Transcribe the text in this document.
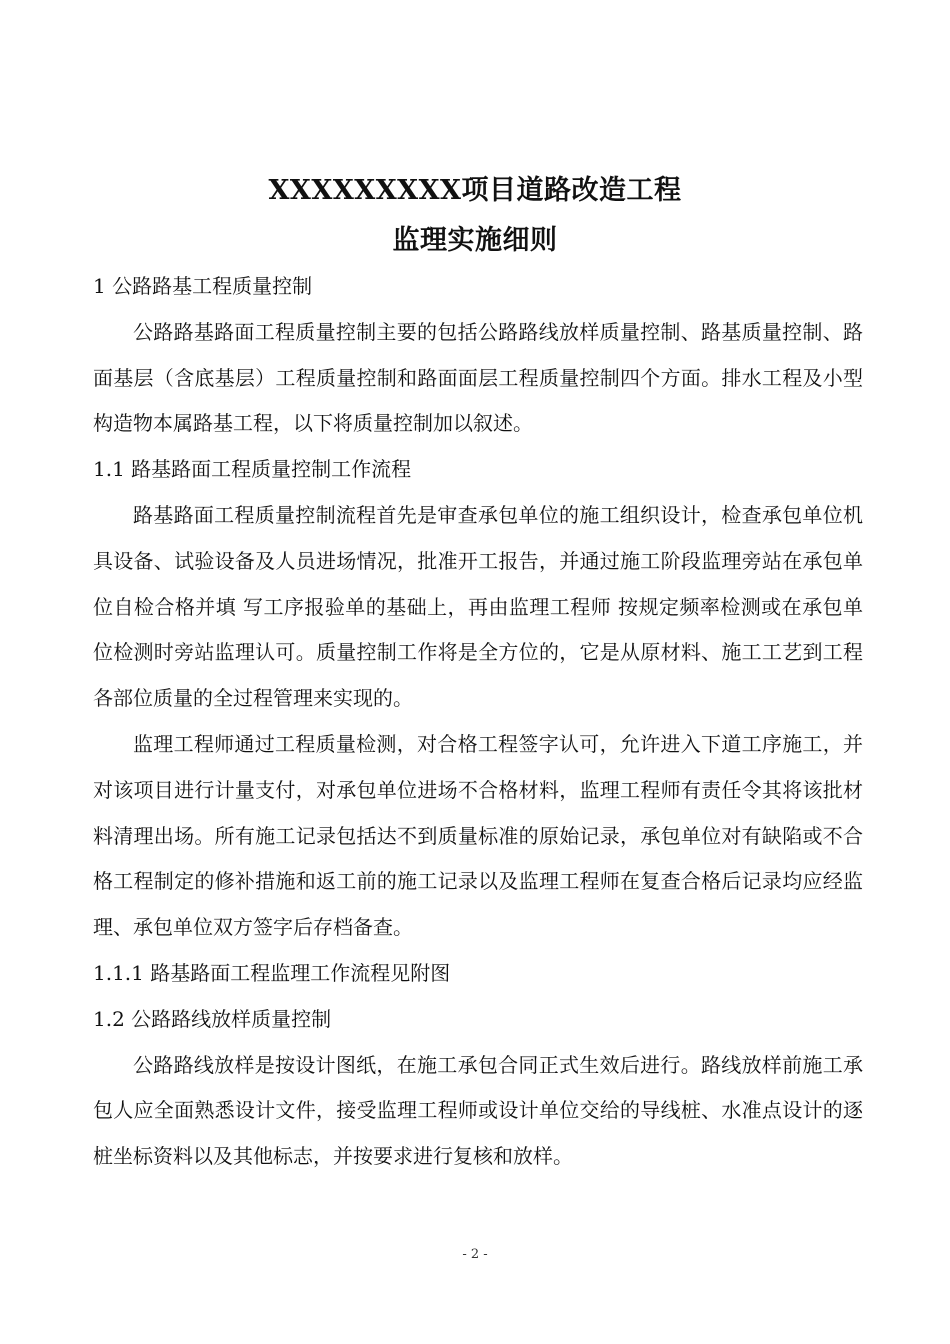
XXXXXXXXX项目道路改造工程
监理实施细则

1 公路路基工程质量控制

公路路基路面工程质量控制主要的包括公路路线放样质量控制、路基质量控制、路面基层（含底基层）工程质量控制和路面面层工程质量控制四个方面。排水工程及小型构造物本属路基工程，以下将质量控制加以叙述。

1.1 路基路面工程质量控制工作流程

路基路面工程质量控制流程首先是审查承包单位的施工组织设计，检查承包单位机具设备、试验设备及人员进场情况，批准开工报告，并通过施工阶段监理旁站在承包单位自检合格并填 写工序报验单的基础上，再由监理工程师 按规定频率检测或在承包单位检测时旁站监理认可。质量控制工作将是全方位的，它是从原材料、施工工艺到工程各部位质量的全过程管理来实现的。

监理工程师通过工程质量检测，对合格工程签字认可，允许进入下道工序施工，并对该项目进行计量支付，对承包单位进场不合格材料，监理工程师有责任令其将该批材料清理出场。所有施工记录包括达不到质量标准的原始记录，承包单位对有缺陷或不合格工程制定的修补措施和返工前的施工记录以及监理工程师在复查合格后记录均应经监理、承包单位双方签字后存档备查。

1.1.1 路基路面工程监理工作流程见附图

1.2 公路路线放样质量控制

公路路线放样是按设计图纸，在施工承包合同正式生效后进行。路线放样前施工承包人应全面熟悉设计文件，接受监理工程师或设计单位交给的导线桩、水准点设计的逐桩坐标资料以及其他标志，并按要求进行复核和放样。

- 2 -
